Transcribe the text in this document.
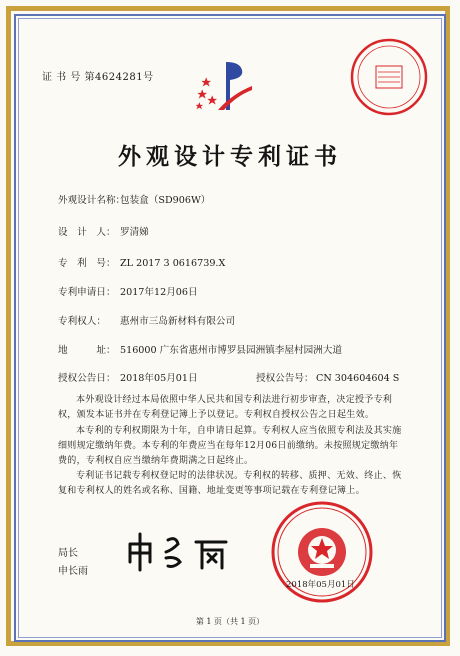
证 书 号 第4624281号
外观设计专利证书
外观设计名称：包装盒（SD906W）
设　计　人： 罗清娣
专　利　号： ZL 2017 3 0616739.X
专利申请日： 2017年12月06日
专利权人： 惠州市三岛新材料有限公司
地　　　址： 516000 广东省惠州市博罗县园洲镇李屋村园洲大道
授权公告日： 2018年05月01日	授权公告号： CN 304604604 S
本外观设计经过本局依照中华人民共和国专利法进行初步审查，决定授予专利权，颁发本证书并在专利登记簿上予以登记。专利权自授权公告之日起生效。
本专利的专利权期限为十年，自申请日起算。专利权人应当依照专利法及其实施细则规定缴纳年费。本专利的年费应当在每年12月06日前缴纳。未按照规定缴纳年费的，专利权自应当缴纳年费期满之日起终止。
专利证书记载专利权登记时的法律状况。专利权的转移、质押、无效、终止、恢复和专利权人的姓名或名称、国籍、地址变更等事项记载在专利登记簿上。
局长
申长雨
2018年05月01日
第 1 页（共 1 页）
